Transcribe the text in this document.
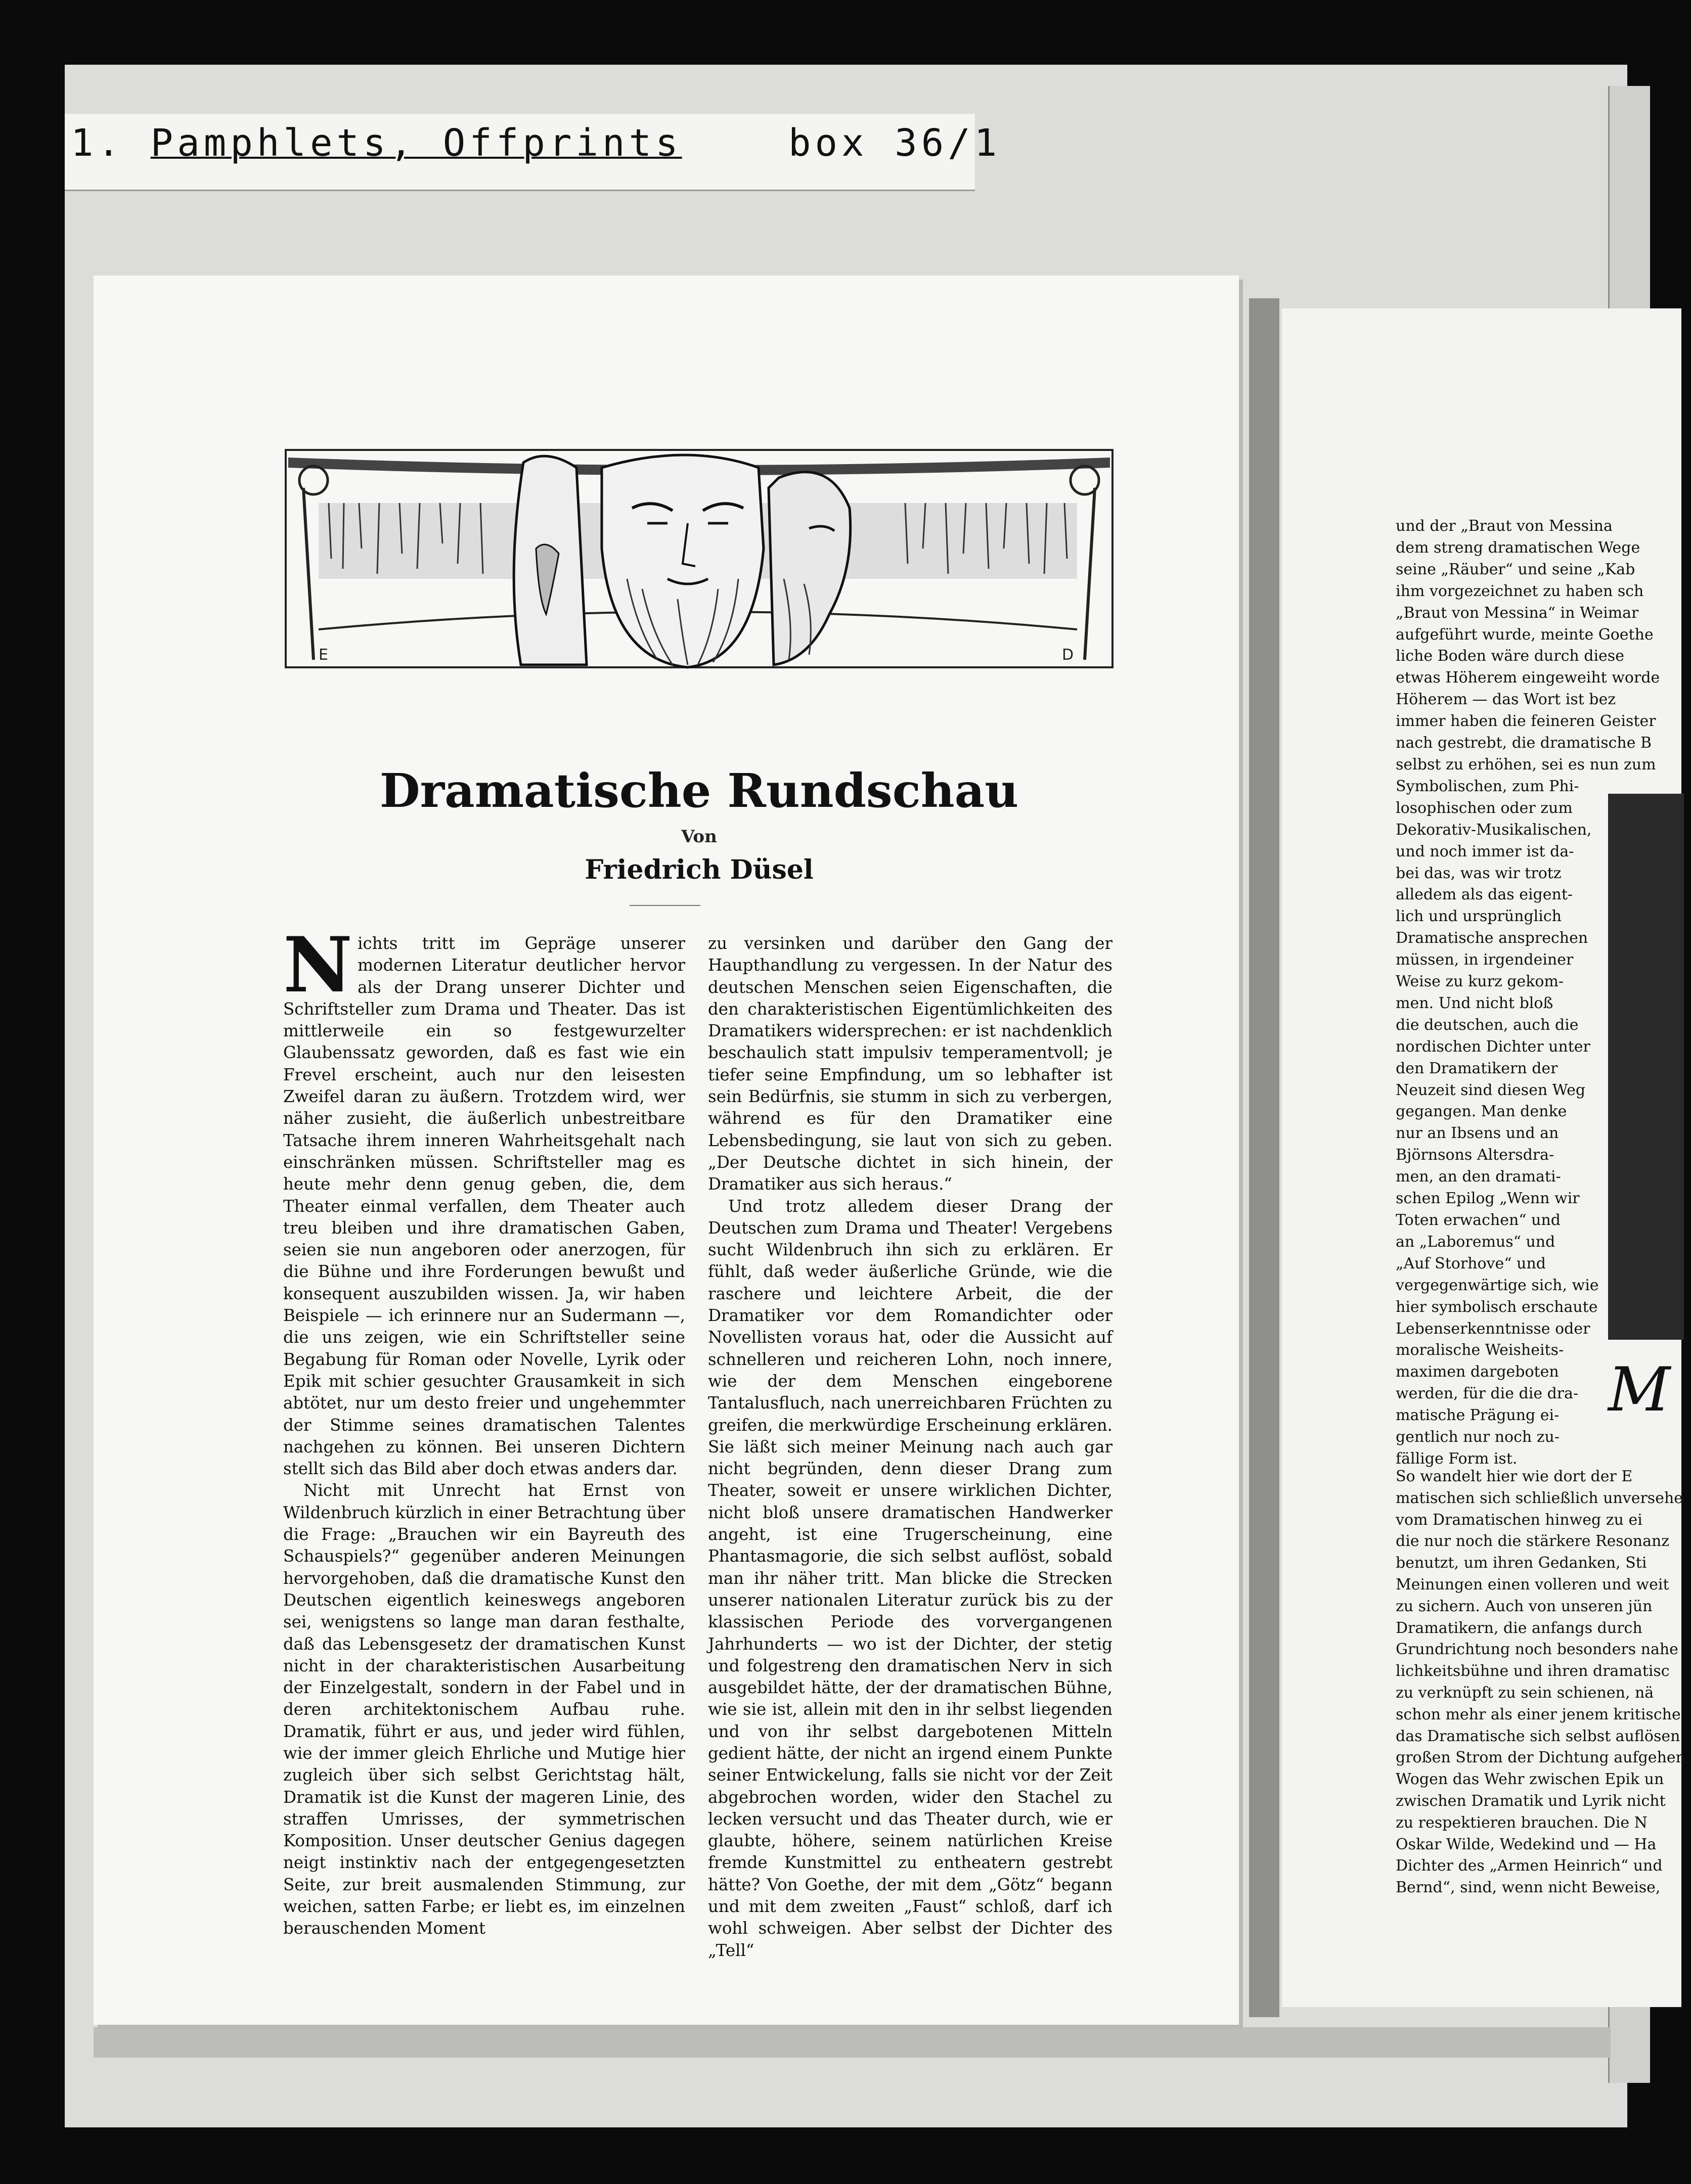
1. Pamphlets, Offprints	box 36/1
E	D
Dramatische Rundschau
Von
Friedrich Düsel
N ichts tritt im Gepräge unserer modernen Literatur deutlicher hervor als der Drang unserer Dichter und Schriftsteller zum Drama und Theater. Das ist mittlerweile ein so festgewurzelter Glaubenssatz geworden, daß es fast wie ein Frevel erscheint, auch nur den leisesten Zweifel daran zu äußern. Trotzdem wird, wer näher zusieht, die äußerlich unbestreitbare Tatsache ihrem inneren Wahrheitsgehalt nach einschränken müssen. Schriftsteller mag es heute mehr denn genug geben, die, dem Theater einmal verfallen, dem Theater auch treu bleiben und ihre dramatischen Gaben, seien sie nun angeboren oder anerzogen, für die Bühne und ihre Forderungen bewußt und konsequent auszubilden wissen. Ja, wir haben Beispiele — ich erinnere nur an Sudermann —, die uns zeigen, wie ein Schriftsteller seine Begabung für Roman oder Novelle, Lyrik oder Epik mit schier gesuchter Grausamkeit in sich abtötet, nur um desto freier und ungehemmter der Stimme seines dramatischen Talentes nachgehen zu können. Bei unseren Dichtern stellt sich das Bild aber doch etwas anders dar.

Nicht mit Unrecht hat Ernst von Wildenbruch kürzlich in einer Betrachtung über die Frage: „Brauchen wir ein Bayreuth des Schauspiels?“ gegenüber anderen Meinungen hervorgehoben, daß die dramatische Kunst den Deutschen eigentlich keineswegs angeboren sei, wenigstens so lange man daran festhalte, daß das Lebensgesetz der dramatischen Kunst nicht in der charakteristischen Ausarbeitung der Einzelgestalt, sondern in der Fabel und in deren architektonischem Aufbau ruhe. Dramatik, führt er aus, und jeder wird fühlen, wie der immer gleich Ehrliche und Mutige hier zugleich über sich selbst Gerichtstag hält, Dramatik ist die Kunst der mageren Linie, des straffen Umrisses, der symmetrischen Komposition. Unser deutscher Genius dagegen neigt instinktiv nach der entgegengesetzten Seite, zur breit ausmalenden Stimmung, zur weichen, satten Farbe; er liebt es, im einzelnen berauschenden Moment

zu versinken und darüber den Gang der Haupthandlung zu vergessen. In der Natur des deutschen Menschen seien Eigenschaften, die den charakteristischen Eigentümlichkeiten des Dramatikers widersprechen: er ist nachdenklich beschaulich statt impulsiv temperamentvoll; je tiefer seine Empfindung, um so lebhafter ist sein Bedürfnis, sie stumm in sich zu verbergen, während es für den Dramatiker eine Lebensbedingung, sie laut von sich zu geben. „Der Deutsche dichtet in sich hinein, der Dramatiker aus sich heraus.“

Und trotz alledem dieser Drang der Deutschen zum Drama und Theater! Vergebens sucht Wildenbruch ihn sich zu erklären. Er fühlt, daß weder äußerliche Gründe, wie die raschere und leichtere Arbeit, die der Dramatiker vor dem Romandichter oder Novellisten voraus hat, oder die Aussicht auf schnelleren und reicheren Lohn, noch innere, wie der dem Menschen eingeborene Tantalusfluch, nach unerreichbaren Früchten zu greifen, die merkwürdige Erscheinung erklären. Sie läßt sich meiner Meinung nach auch gar nicht begründen, denn dieser Drang zum Theater, soweit er unsere wirklichen Dichter, nicht bloß unsere dramatischen Handwerker angeht, ist eine Trugerscheinung, eine Phantasmagorie, die sich selbst auflöst, sobald man ihr näher tritt. Man blicke die Strecken unserer nationalen Literatur zurück bis zu der klassischen Periode des vorvergangenen Jahrhunderts — wo ist der Dichter, der stetig und folgestreng den dramatischen Nerv in sich ausgebildet hätte, der der dramatischen Bühne, wie sie ist, allein mit den in ihr selbst liegenden und von ihr selbst dargebotenen Mitteln gedient hätte, der nicht an irgend einem Punkte seiner Entwickelung, falls sie nicht vor der Zeit abgebrochen worden, wider den Stachel zu lecken versucht und das Theater durch, wie er glaubte, höhere, seinem natürlichen Kreise fremde Kunstmittel zu entheatern gestrebt hätte? Von Goethe, der mit dem „Götz“ begann und mit dem zweiten „Faust“ schloß, darf ich wohl schweigen. Aber selbst der Dichter des „Tell“

und der „Braut von Messina
dem streng dramatischen Wege
seine „Räuber“ und seine „Kab
ihm vorgezeichnet zu haben sch
„Braut von Messina“ in Weimar
aufgeführt wurde, meinte Goethe
liche Boden wäre durch diese
etwas Höherem eingeweiht worde
Höherem — das Wort ist bez
immer haben die feineren Geister
nach gestrebt, die dramatische
selbst zu erhöhen, sei es nun
Symbolischen, zum Phi-
losophischen oder zum
Dekorativ-Musikalischen,
und noch immer ist da-
bei das, was wir trotz
alledem als das eigent-
lich und ursprünglich
Dramatische ansprechen
müssen, in irgendeiner
Weise zu kurz gekom-
men. Und nicht bloß
die deutschen, auch die
nordischen Dichter unter
den Dramatikern der
Neuzeit sind diesen Weg
gegangen. Man denke
nur an Ibsens und an
Björnsons Altersdra-
men, an den dramati-
schen Epilog „Wenn wir
Toten erwachen“ und
an „Laboremus“ und
„Auf Storhove“ und
vergegenwärtige sich, wie
hier symbolisch erschaute
Lebenserkenntnisse oder
moralische Weisheits-
maximen dargeboten
werden, für die die dra-
matische Prägung ei-
gentlich nur noch zu-
fällige Form ist.
So wandelt hier wie dort der E
matischen sich schließlich unversehe
vom Dramatischen hinweg zu ei
die nur noch die stärkere Resonanz
benutzt, um ihren Gedanken, Sti
Meinungen einen volleren und weit
zu sichern. Auch von unseren jün
Dramatikern, die anfangs durch
Grundrichtung noch besonders
lichkeitsbühne und ihren dramatisc
zu verknüpft zu sein schienen, nä
schon mehr als einer jenem kritische
das Dramatische sich selbst auflösen
großen Strom der Dichtung aufgehen
Wogen das Wehr zwischen Epik un
zwischen Dramatik und Lyrik nicht
zu respektieren brauchen. Die N
Oskar Wilde, Wedekind und — Ha
Dichter des „Armen Heinrich“ und
Bernd“, sind, wenn nicht Beweise,
M
